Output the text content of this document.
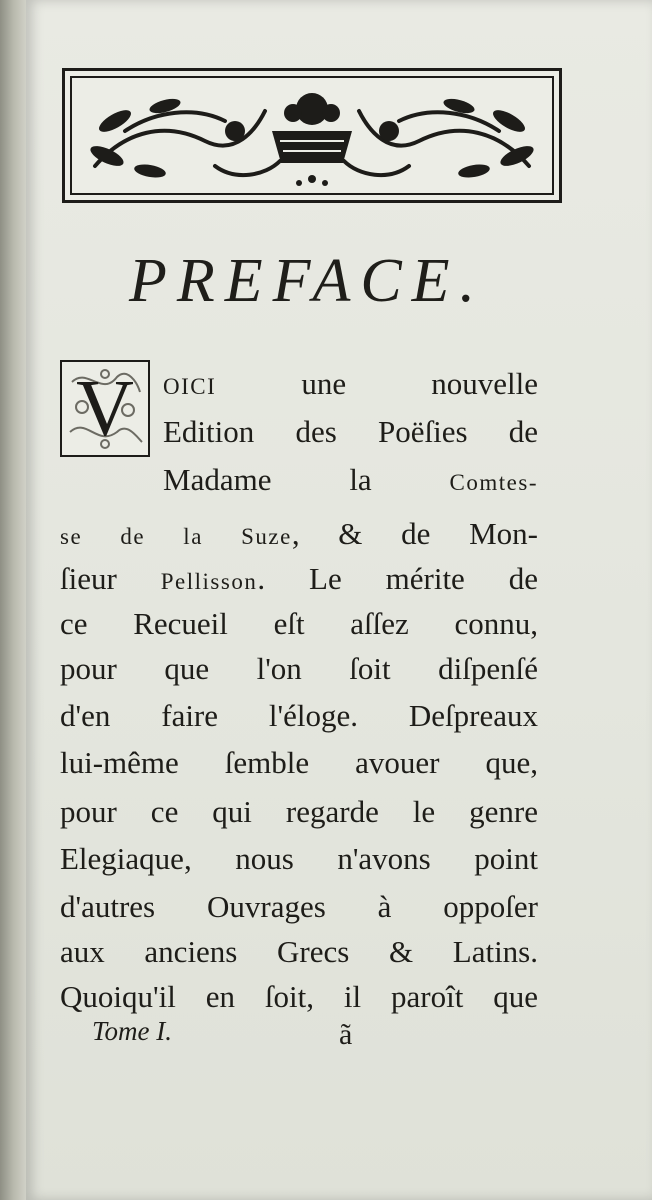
PREFACE.
V	OICI une nouvelle
Edition des Poëſies de
Madame la Comtes-
se de la Suze, & de Mon-
ſieur Pellisson. Le mérite de
ce Recueil eſt aſſez connu,
pour que l'on ſoit diſpenſé
d'en faire l'éloge. Deſpreaux
lui-même ſemble avouer que,
pour ce qui regarde le genre
Elegiaque, nous n'avons point
d'autres Ouvrages à oppoſer
aux anciens Grecs & Latins.
Quoiqu'il en ſoit, il paroît que
Tome I.	ã
